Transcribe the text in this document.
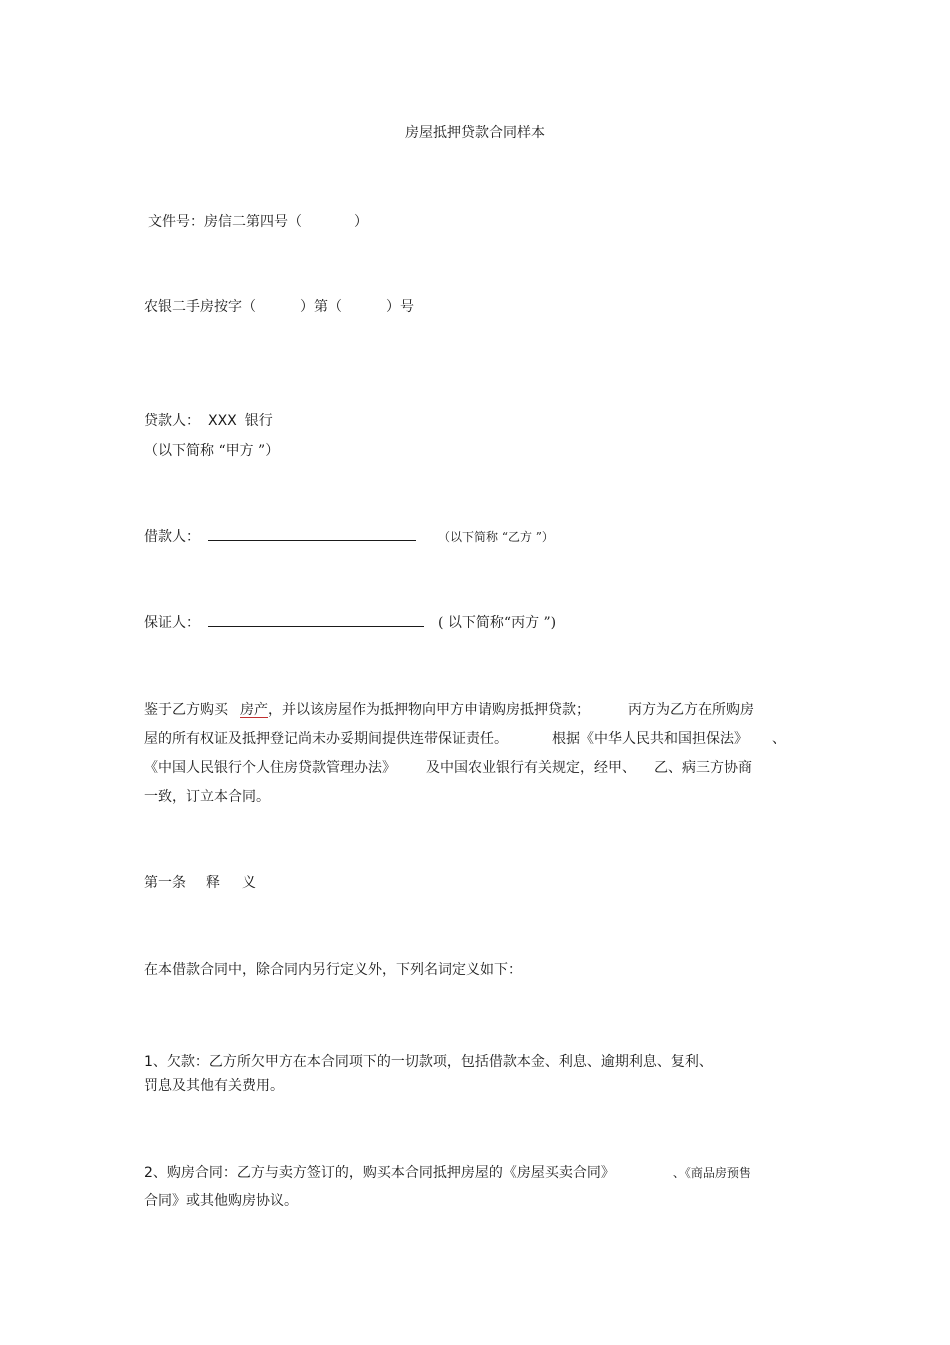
房屋抵押贷款合同样本
文件号：房信二第四号（	）
农银二手房按字（	）第（	）号
贷款人： XXX 银行
（以下简称 “甲方 ”）
借款人：	（以下简称 “乙方 ”）
保证人：	( 以下简称“丙方 ”)
鉴于乙方购买 房产，并以该房屋作为抵押物向甲方申请购房抵押贷款；	丙方为乙方在所购房
屋的所有权证及抵押登记尚未办妥期间提供连带保证责任。	根据《中华人民共和国担保法》 、
《中国人民银行个人住房贷款管理办法》 及中国农业银行有关规定，经甲、 乙、病三方协商
一致，订立本合同。
第一条 释 义
在本借款合同中，除合同内另行定义外，下列名词定义如下：
1、欠款：乙方所欠甲方在本合同项下的一切款项，包括借款本金、利息、逾期利息、复利、
罚息及其他有关费用。
2、购房合同：乙方与卖方签订的，购买本合同抵押房屋的《房屋买卖合同》	、《商品房预售
合同》或其他购房协议。
